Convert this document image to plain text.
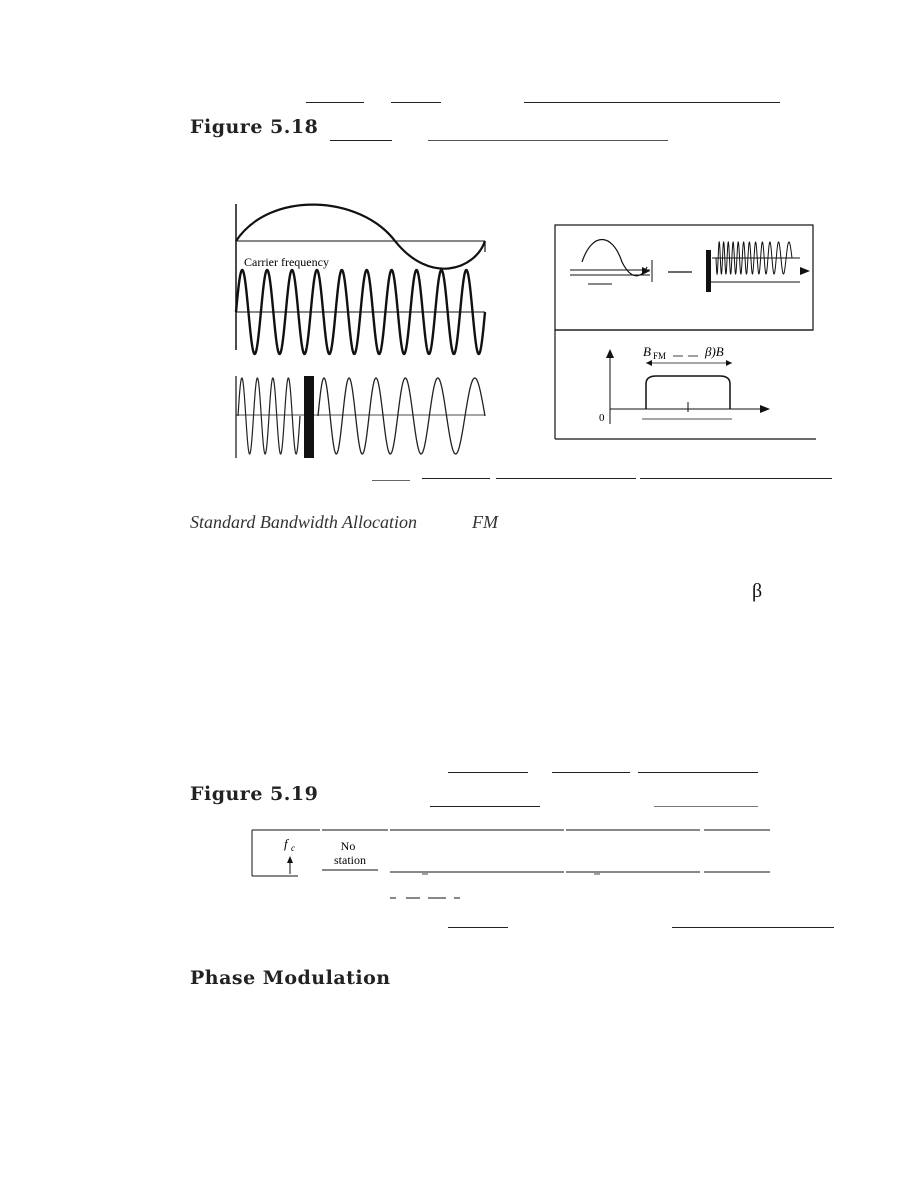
Figure 5.18
Carrier frequency
B FM	β)B
0
Standard Bandwidth Allocation	FM
β
Figure 5.19
f c	No
station
Phase Modulation
